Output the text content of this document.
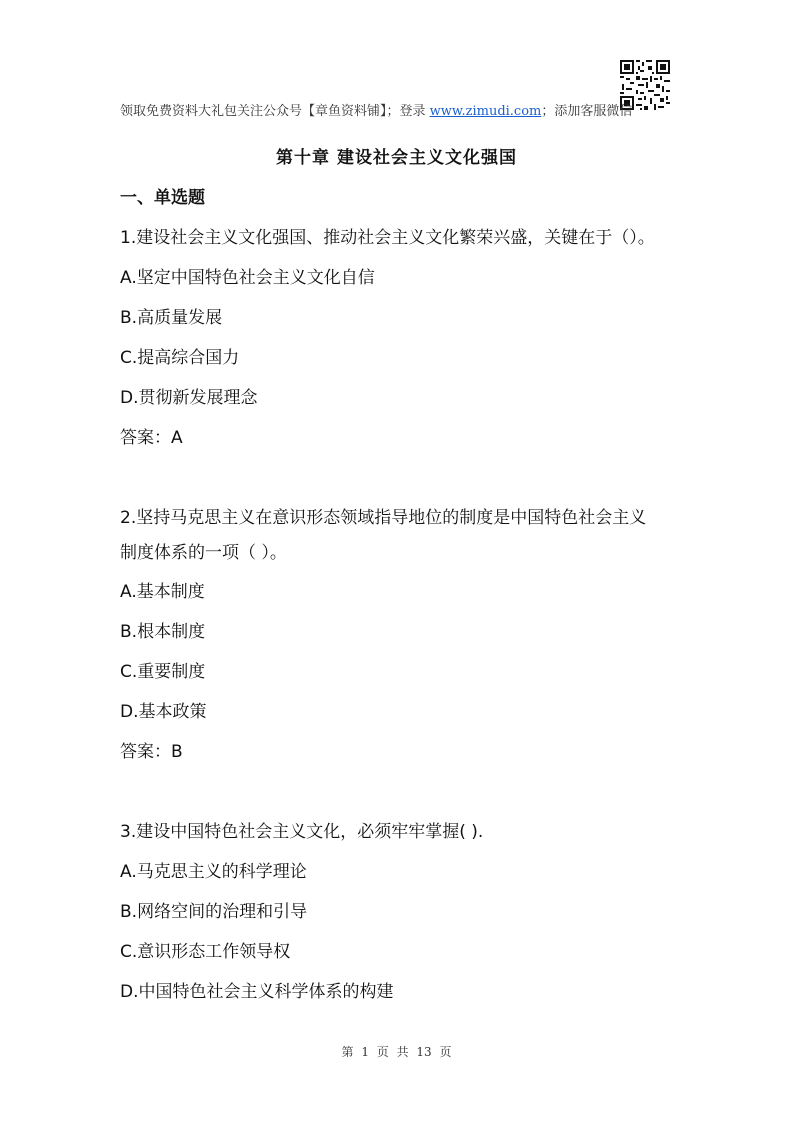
领取免费资料大礼包关注公众号【章鱼资料铺】；登录 www.zimudi.com；添加客服微信
第十章 建设社会主义文化强国
一、单选题
1.建设社会主义文化强国、推动社会主义文化繁荣兴盛，关键在于（）。
A.坚定中国特色社会主义文化自信
B.高质量发展
C.提高综合国力
D.贯彻新发展理念
答案：A
2.坚持马克思主义在意识形态领域指导地位的制度是中国特色社会主义
制度体系的一项（ ）。
A.基本制度
B.根本制度
C.重要制度
D.基本政策
答案：B
3.建设中国特色社会主义文化，必须牢牢掌握( ).
A.马克思主义的科学理论
B.网络空间的治理和引导
C.意识形态工作领导权
D.中国特色社会主义科学体系的构建
第 1 页 共 13 页
